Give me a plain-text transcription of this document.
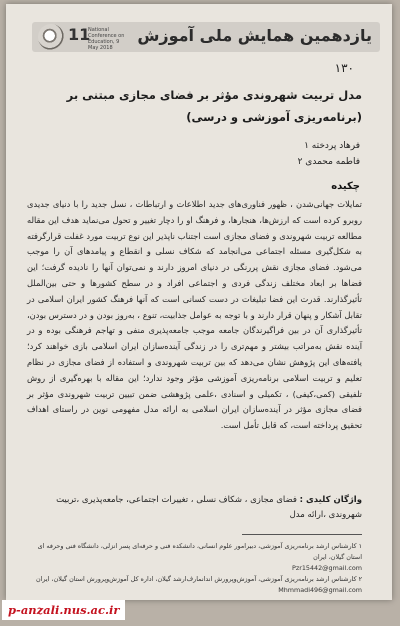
11
National Conference on Education, 9 May 2018
یازدهمین همایش ملی آموزش
۱۳۰
مدل تربیت شهروندی مؤثر بر فضای مجازی مبتنی بر (برنامه‌ریزی آموزشی و درسی)
فرهاد پردخته ۱
فاطمه محمدی ۲
چکیده

تمایلات جهانی‌شدن ، ظهور فناوری‌های جدید اطلاعات و ارتباطات ، نسل جدید را با دنیای جدیدی روبرو کرده است که ارزش‌ها، هنجارها، و فرهنگ او را دچار تغییر و تحول می‌نماید هدف این مقاله مطالعه تربیت شهروندی و فضای مجازی است اجتناب ناپذیر این نوع تربیت مورد غفلت قرارگرفته به شکل‌گیری مسئله اجتماعی می‌انجامد که شکاف نسلی و انقطاع و پیامدهای آن را موجب می‌شود. فضای مجازی نقش پررنگی در دنیای امروز دارند و نمی‌توان آنها را نادیده گرفت؛ این فضاها بر ابعاد مختلف زندگی فردی و اجتماعی افراد و در سطح کشورها و حتی بین‌الملل تأثیرگذارند. قدرت این فضا تبلیغات در دست کسانی است که آنها فرهنگ کشور ایران اسلامی در تقابل آشکار و پنهان قرار دارند و با توجه به عوامل جذابیت، تنوع ، به‌روز بودن و در دسترس بودن، تأثیرگذاری آن در بین فراگیرندگان جامعه موجب جامعه‌پذیری منفی و تهاجم فرهنگی بوده و در آینده نقش به‌مراتب بیشتر و مهم‌تری را در زندگی آینده‌سازان ایران اسلامی بازی خواهند کرد؛ یافته‌های این پژوهش نشان می‌دهد که بین تربیت شهروندی و استفاده از فضای مجازی در نظام تعلیم و تربیت اسلامی برنامه‌ریزی آموزشی مؤثر وجود ندارد؛ این مقاله با بهره‌گیری از روش تلفیقی (کمی،کیفی) ، تکمیلی و اسنادی ،علمی پژوهشی ضمن تبیین تربیت شهروندی مؤثر بر فضای مجازی مؤثر در آینده‌سازان ایران اسلامی به ارائه مدل مفهومی نوین در راستای اهداف تحقیق پرداخته است، که قابل تأمل است.

واژگان کلیدی : فضای مجازی ، شکاف نسلی ، تغییرات اجتماعی، جامعه‌پذیری ،تربیت شهروندی ،ارائه مدل

۱ کارشناس ارشد برنامه‌ریزی آموزشی، دبیرامور علوم انسانی، دانشکده فنی و حرفه‌ای پسر انزلی، دانشگاه فنی وحرفه ای استان گیلان، ایران

Pzr15442@gmail.com

۲ کارشناس ارشد برنامه‌ریزی آموزشی، آموزش‌وپرورش اندانمارف‌ارشد گیلان، اداره کل آموزش‌وپرورش استان گیلان، ایران

Mhmmadi496@gmail.com

p-anzali.nus.ac.ir
